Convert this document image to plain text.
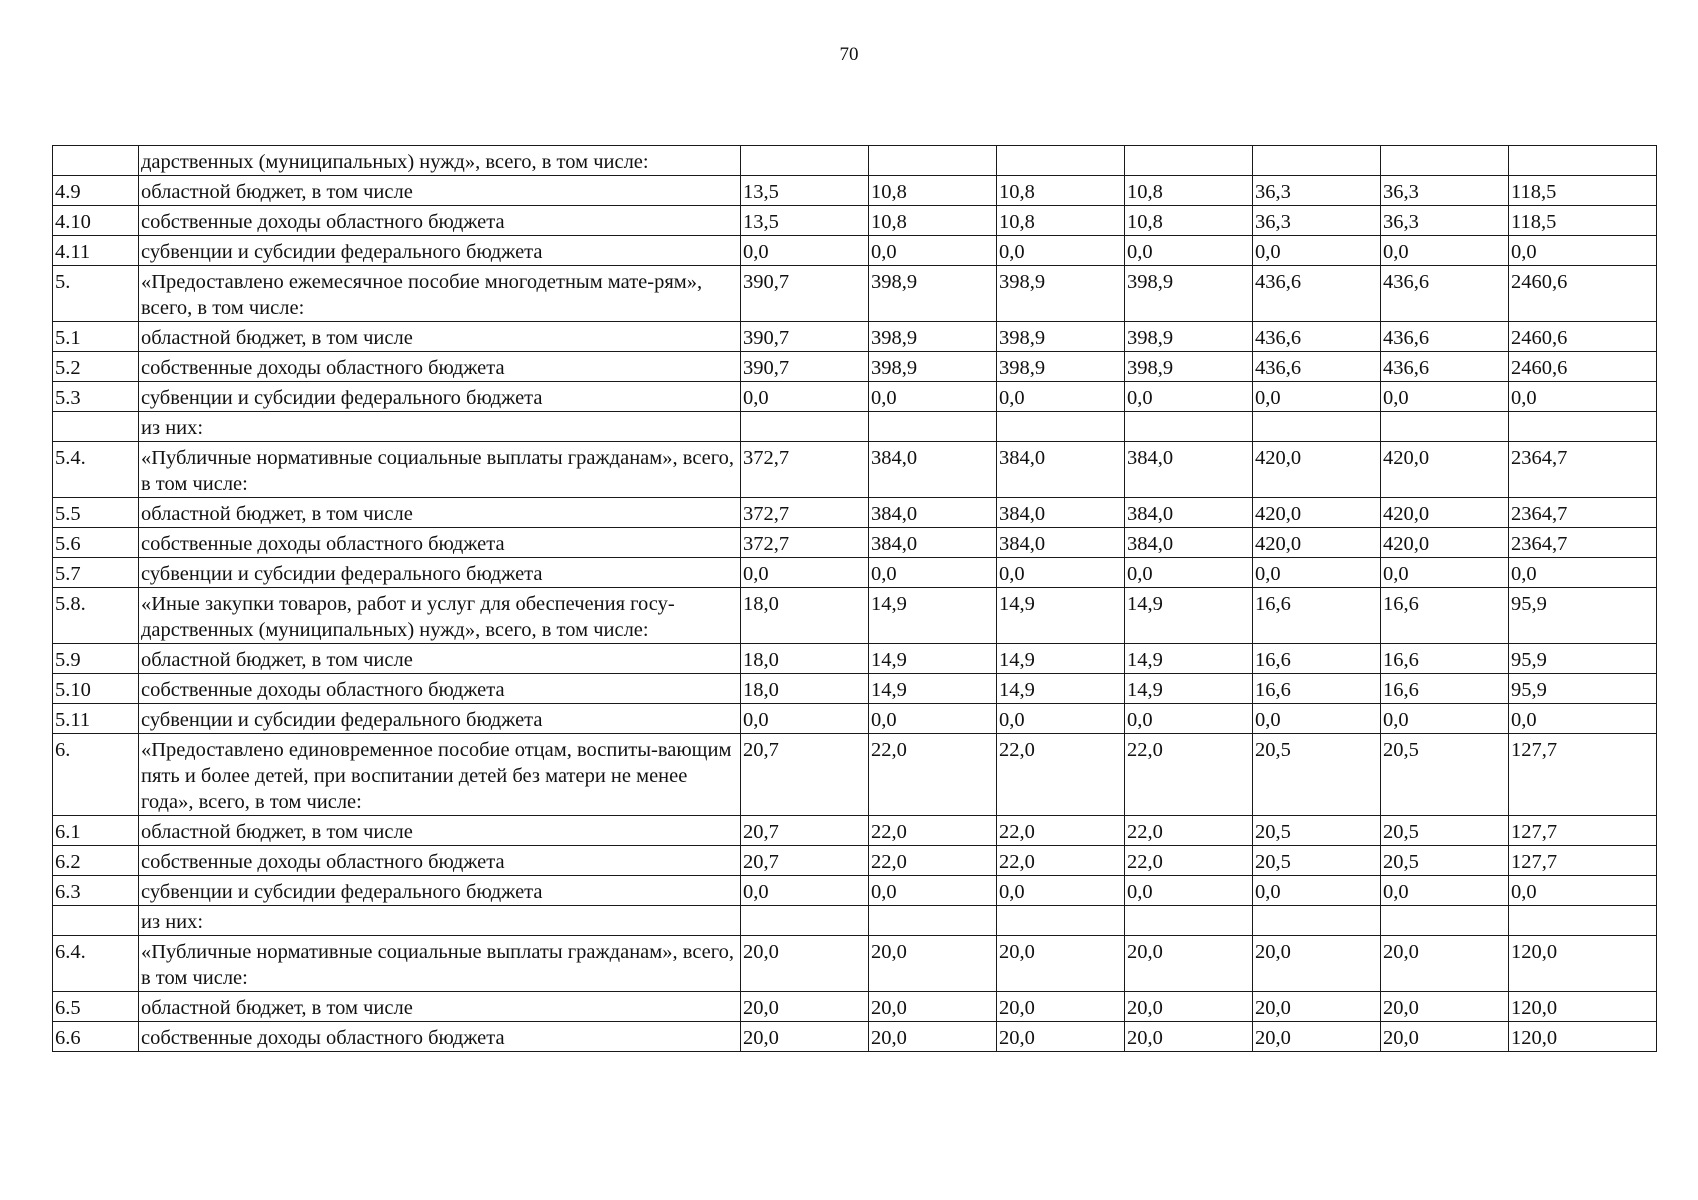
70
	дарственных (муниципальных) нужд», всего, в том числе:							
4.9	областной бюджет, в том числе	13,5	10,8	10,8	10,8	36,3	36,3	118,5
4.10	собственные доходы областного бюджета	13,5	10,8	10,8	10,8	36,3	36,3	118,5
4.11	субвенции и субсидии федерального бюджета	0,0	0,0	0,0	0,0	0,0	0,0	0,0
5.	«Предоставлено ежемесячное пособие многодетным мате-рям», всего, в том числе:	390,7	398,9	398,9	398,9	436,6	436,6	2460,6
5.1	областной бюджет, в том числе	390,7	398,9	398,9	398,9	436,6	436,6	2460,6
5.2	собственные доходы областного бюджета	390,7	398,9	398,9	398,9	436,6	436,6	2460,6
5.3	субвенции и субсидии федерального бюджета	0,0	0,0	0,0	0,0	0,0	0,0	0,0
	из них:							
5.4.	«Публичные нормативные социальные выплаты гражданам», всего, в том числе:	372,7	384,0	384,0	384,0	420,0	420,0	2364,7
5.5	областной бюджет, в том числе	372,7	384,0	384,0	384,0	420,0	420,0	2364,7
5.6	собственные доходы областного бюджета	372,7	384,0	384,0	384,0	420,0	420,0	2364,7
5.7	субвенции и субсидии федерального бюджета	0,0	0,0	0,0	0,0	0,0	0,0	0,0
5.8.	«Иные закупки товаров, работ и услуг для обеспечения госу-дарственных (муниципальных) нужд», всего, в том числе:	18,0	14,9	14,9	14,9	16,6	16,6	95,9
5.9	областной бюджет, в том числе	18,0	14,9	14,9	14,9	16,6	16,6	95,9
5.10	собственные доходы областного бюджета	18,0	14,9	14,9	14,9	16,6	16,6	95,9
5.11	субвенции и субсидии федерального бюджета	0,0	0,0	0,0	0,0	0,0	0,0	0,0
6.	«Предоставлено единовременное пособие отцам, воспиты-вающим пять и более детей, при воспитании детей без матери не менее года», всего, в том числе:	20,7	22,0	22,0	22,0	20,5	20,5	127,7
6.1	областной бюджет, в том числе	20,7	22,0	22,0	22,0	20,5	20,5	127,7
6.2	собственные доходы областного бюджета	20,7	22,0	22,0	22,0	20,5	20,5	127,7
6.3	субвенции и субсидии федерального бюджета	0,0	0,0	0,0	0,0	0,0	0,0	0,0
	из них:							
6.4.	«Публичные нормативные социальные выплаты гражданам», всего, в том числе:	20,0	20,0	20,0	20,0	20,0	20,0	120,0
6.5	областной бюджет, в том числе	20,0	20,0	20,0	20,0	20,0	20,0	120,0
6.6	собственные доходы областного бюджета	20,0	20,0	20,0	20,0	20,0	20,0	120,0
